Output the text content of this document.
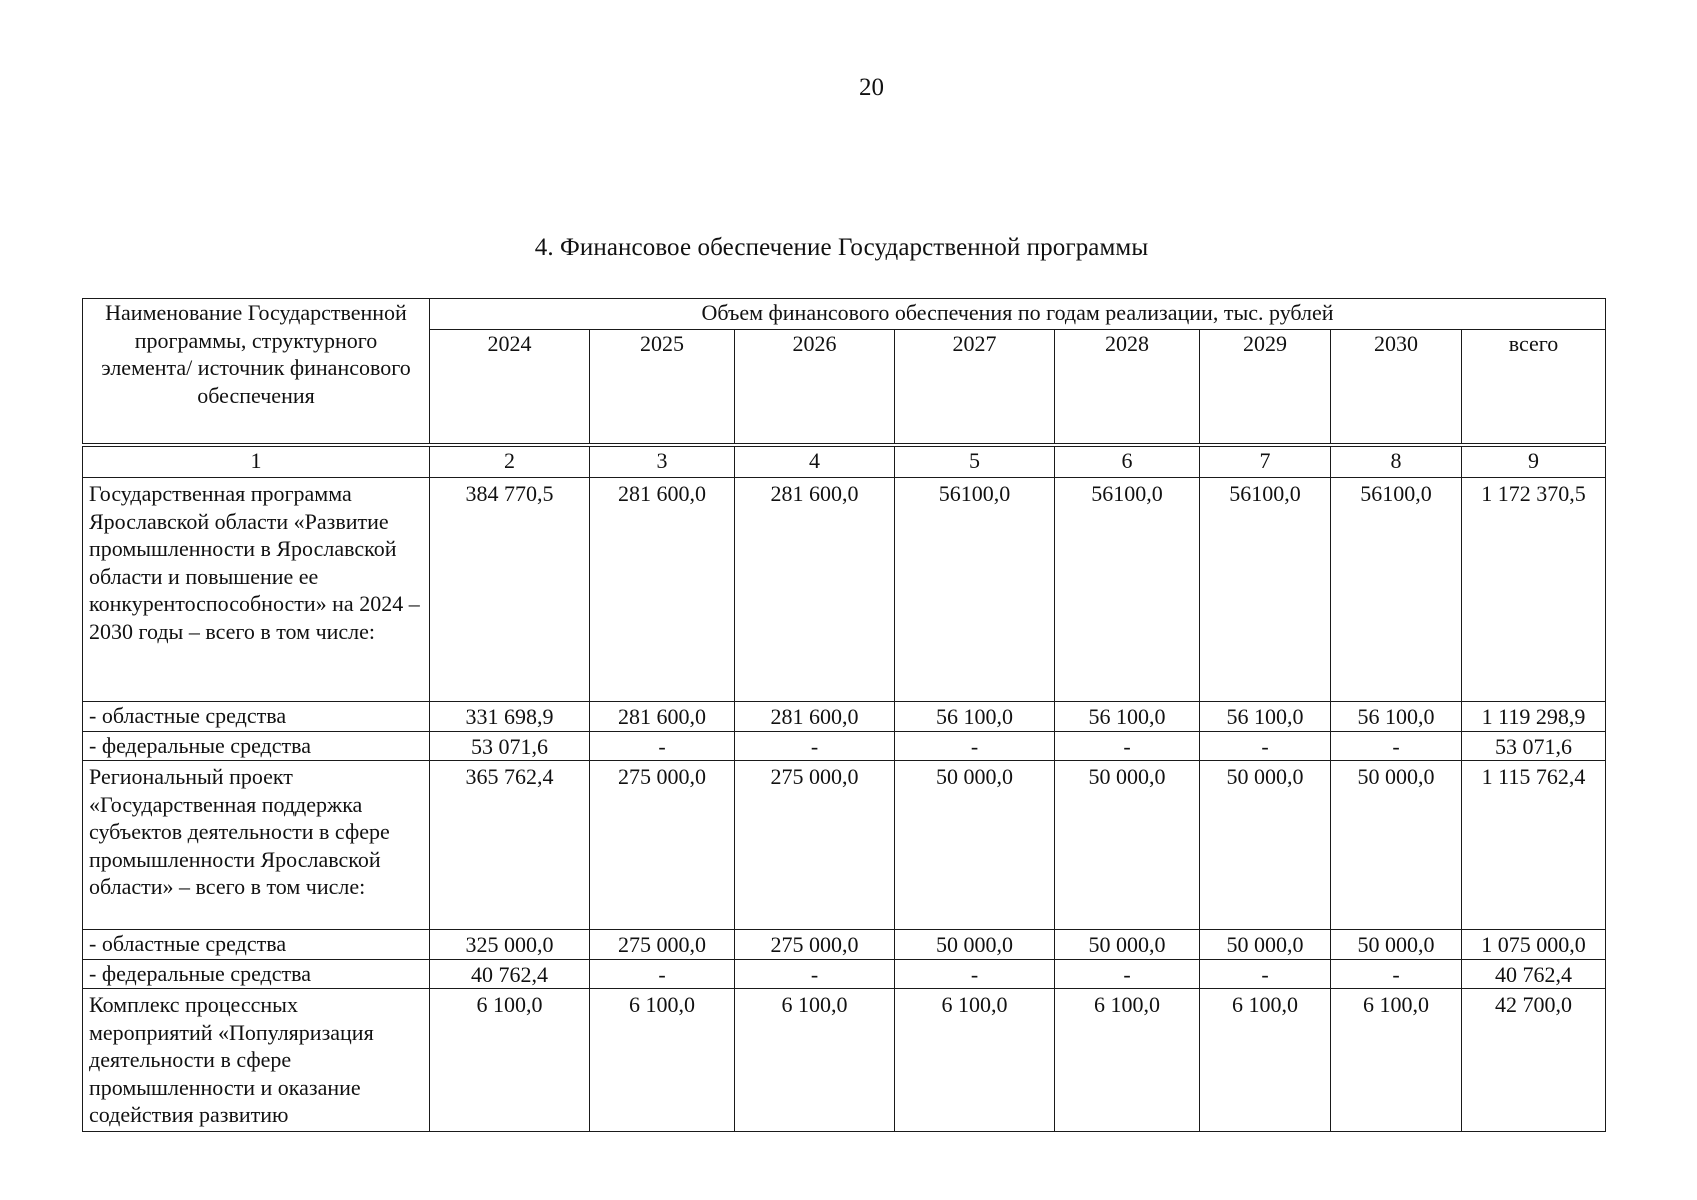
20
4. Финансовое обеспечение Государственной программы
Наименование Государственной программы, структурного элемента/ источник финансового обеспечения	Объем финансового обеспечения по годам реализации, тыс. рублей							
	2024	2025	2026	2027	2028	2029	2030	всего
1	2	3	4	5	6	7	8	9
Государственная программа Ярославской области «Развитие промышленности в Ярославской области и повышение ее конкурентоспособности» на 2024 – 2030 годы – всего в том числе:	384 770,5	281 600,0	281 600,0	56100,0	56100,0	56100,0	56100,0	1 172 370,5
- областные средства	331 698,9	281 600,0	281 600,0	56 100,0	56 100,0	56 100,0	56 100,0	1 119 298,9
- федеральные средства	53 071,6	-	-	-	-	-	-	53 071,6
Региональный проект «Государственная поддержка субъектов деятельности в сфере промышленности Ярославской области» – всего в том числе:	365 762,4	275 000,0	275 000,0	50 000,0	50 000,0	50 000,0	50 000,0	1 115 762,4
- областные средства	325 000,0	275 000,0	275 000,0	50 000,0	50 000,0	50 000,0	50 000,0	1 075 000,0
- федеральные средства	40 762,4	-	-	-	-	-	-	40 762,4
Комплекс процессных мероприятий «Популяризация деятельности в сфере промышленности и оказание содействия развитию	6 100,0	6 100,0	6 100,0	6 100,0	6 100,0	6 100,0	6 100,0	42 700,0
